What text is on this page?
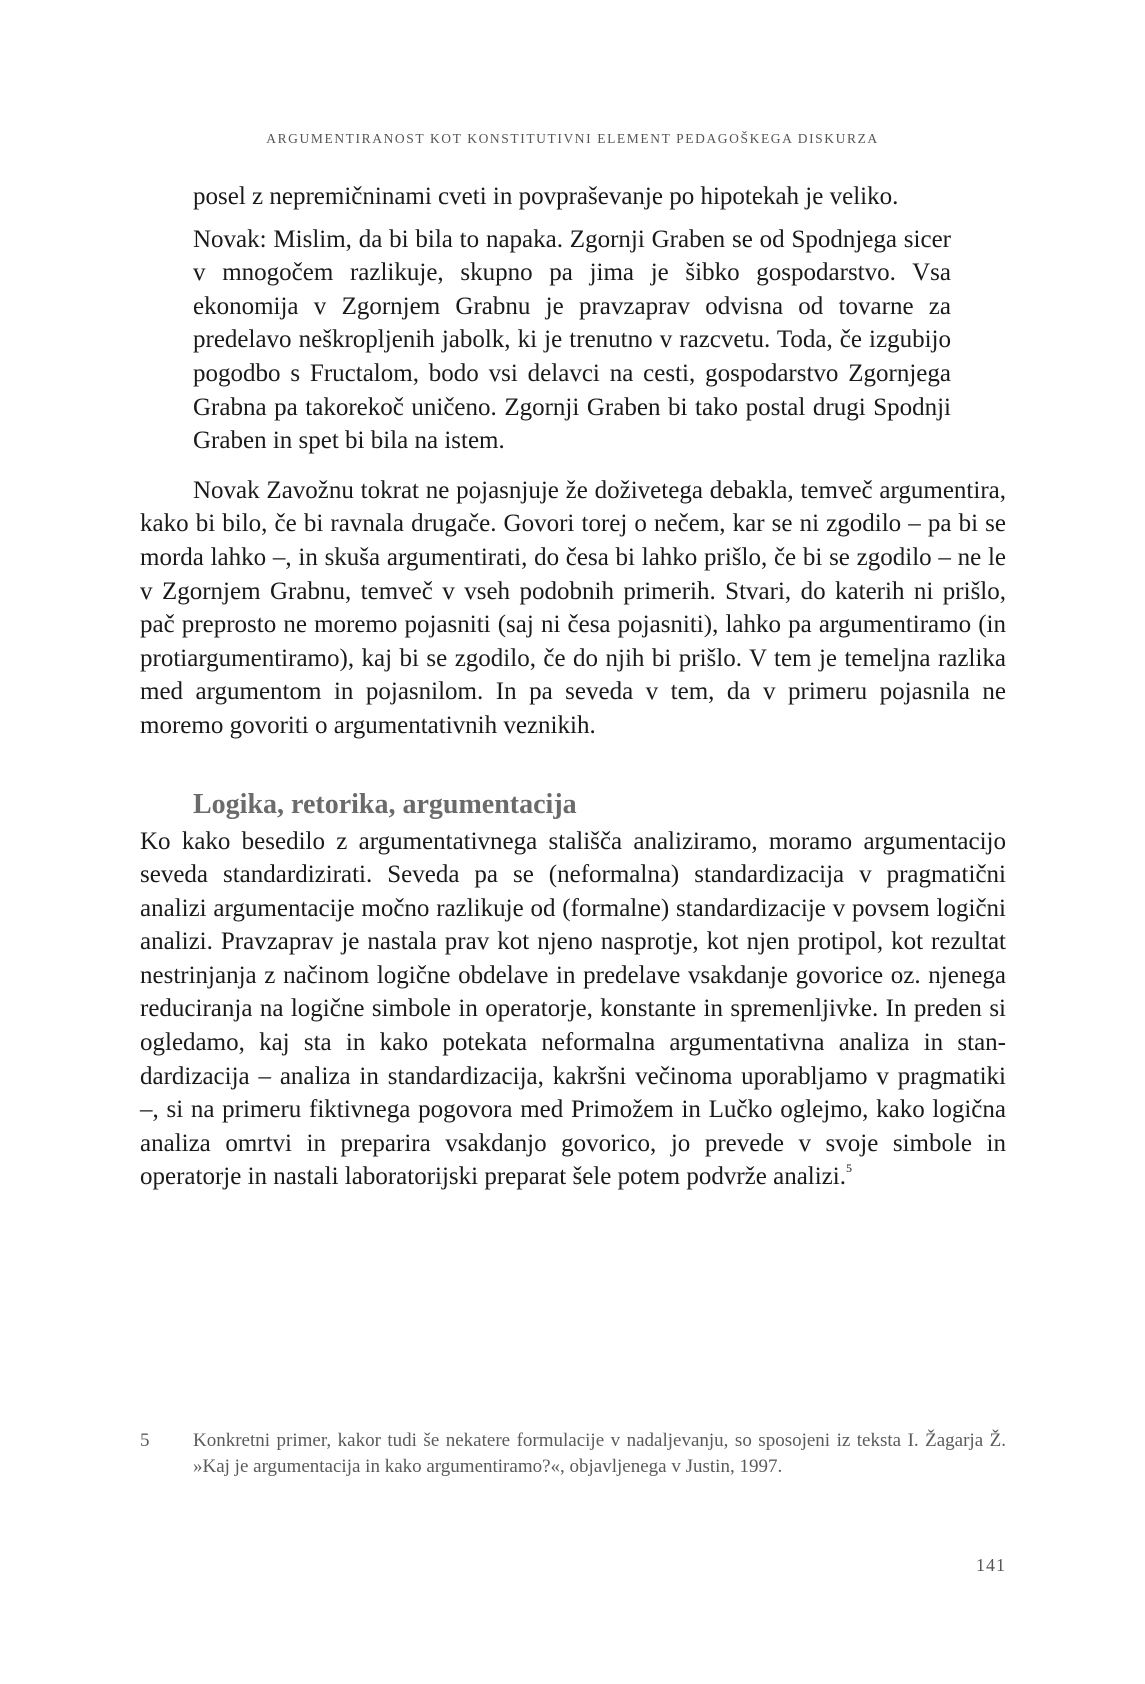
ARGUMENTIRANOST KOT KONSTITUTIVNI ELEMENT PEDAGOŠKEGA DISKURZA

posel z nepremičninami cveti in povpraševanje po hipotekah je veliko.

Novak: Mislim, da bi bila to napaka. Zgornji Graben se od Spodnjega sicer v mnogočem razlikuje, skupno pa jima je šibko gospodarstvo. Vsa ekonomija v Zgornjem Grabnu je pravzaprav odvisna od tovarne za predelavo neškropljenih jabolk, ki je trenutno v razcvetu. Toda, če izgubijo pogodbo s Fructalom, bodo vsi delavci na cesti, gospodarstvo Zgornjega Grabna pa takorekoč uničeno. Zgornji Graben bi tako postal drugi Spodnji Graben in spet bi bila na istem.

Novak Zavožnu tokrat ne pojasnjuje že doživetega debakla, temveč argumentira, kako bi bilo, če bi ravnala drugače. Govori torej o nečem, kar se ni zgodilo – pa bi se morda lahko –, in skuša argumentirati, do česa bi lahko prišlo, če bi se zgodilo – ne le v Zgornjem Grabnu, temveč v vseh podobnih primerih. Stvari, do katerih ni prišlo, pač preprosto ne moremo pojasniti (saj ni česa pojasniti), lahko pa argumentiramo (in protiargumentiramo), kaj bi se zgodilo, če do njih bi prišlo. V tem je temeljna razlika med argumentom in pojasnilom. In pa seveda v tem, da v primeru pojasnila ne moremo govoriti o argumentativnih veznikih.

Logika, retorika, argumentacija

Ko kako besedilo z argumentativnega stališča analiziramo, moramo argumentacijo seveda standardizirati. Seveda pa se (neformalna) standardizacija v pragmatični analizi argumentacije močno razlikuje od (formalne) standardizacije v povsem logični analizi. Pravzaprav je nastala prav kot njeno nasprotje, kot njen protipol, kot rezultat nestrinjanja z načinom logične obdelave in predelave vsakdanje govorice oz. njenega reduciranja na logične simbole in operatorje, konstante in spremenljivke. In preden si ogledamo, kaj sta in kako potekata neformalna argumentativna analiza in standardizacija – analiza in standardizacija, kakršni večinoma uporabljamo v pragmatiki –, si na primeru fiktivnega pogovora med Primožem in Lučko oglejmo, kako logična analiza omrtvi in preparira vsakdanjo govorico, jo prevede v svoje simbole in operatorje in nastali laboratorijski preparat šele potem podvrže analizi.$^5$

5	Konkretni primer, kakor tudi še nekatere formulacije v nadaljevanju, so sposojeni iz teksta I. Žagarja Ž. »Kaj je argumentacija in kako argumentiramo?«, objavljenega v Justin, 1997.
141
